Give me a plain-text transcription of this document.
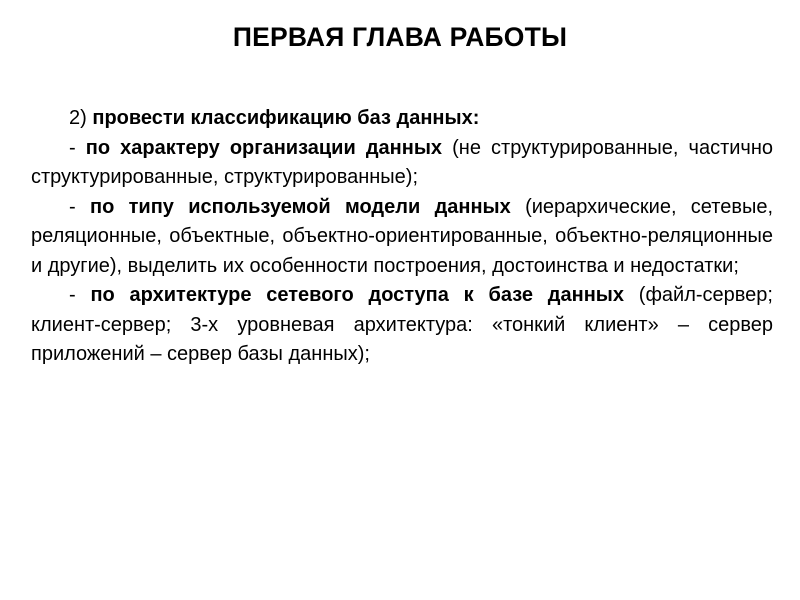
ПЕРВАЯ ГЛАВА РАБОТЫ

2) провести классификацию баз данных:

- по характеру организации данных (не структурированные, частично структурированные, структурированные);

- по типу используемой модели данных (иерархические, сетевые, реляционные, объектные, объектно-ориентированные, объектно-реляционные и другие), выделить их особенности построения, достоинства и недостатки;

- по архитектуре сетевого доступа к базе данных (файл-сервер; клиент-сервер; 3-х уровневая архитектура: «тонкий клиент» – сервер приложений – сервер базы данных);
